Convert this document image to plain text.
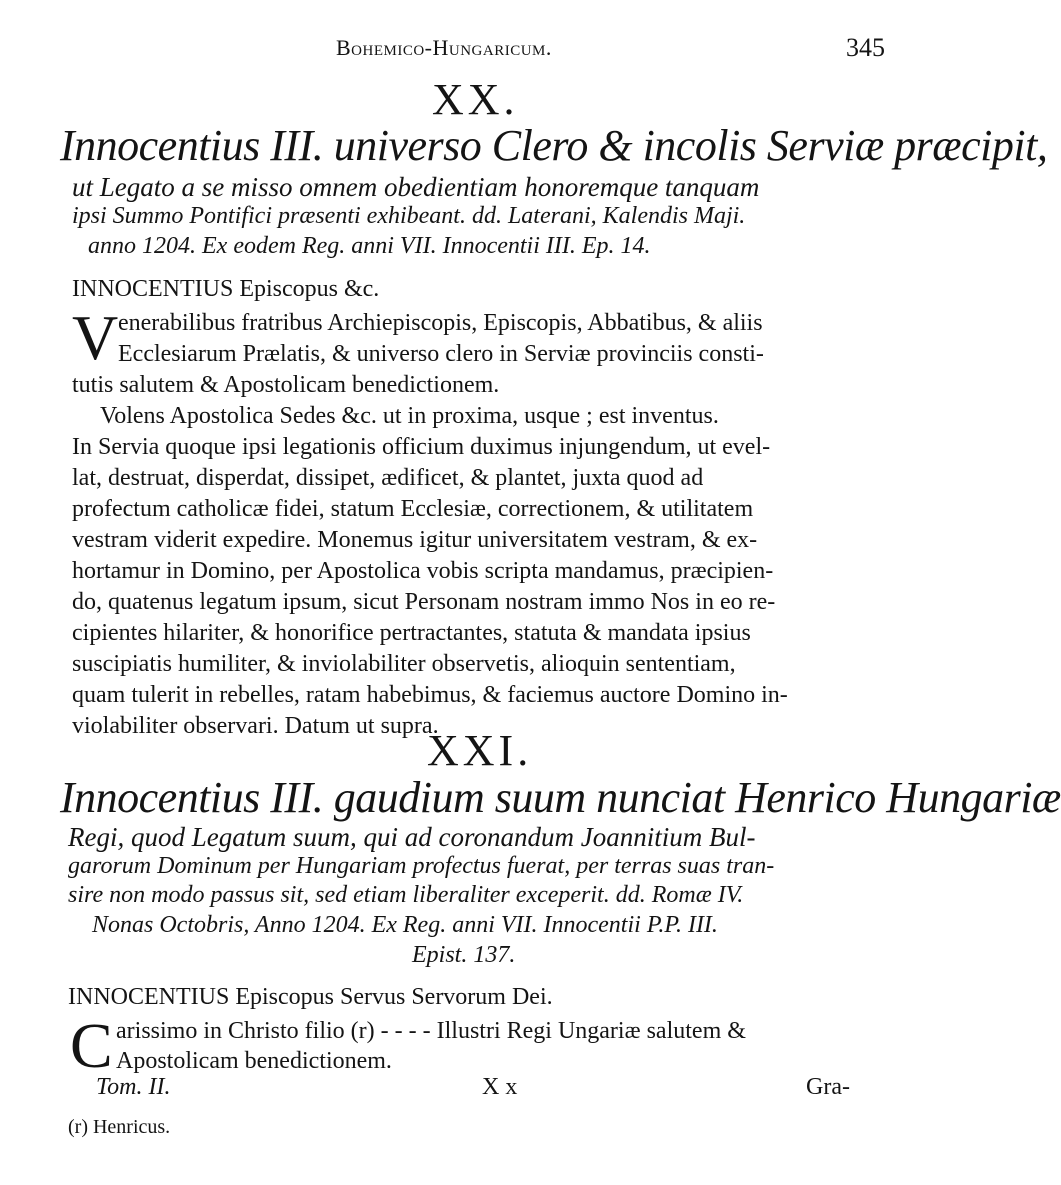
Bohemico-Hungaricum.	345
XX.
Innocentius III. universo Clero & incolis Serviæ præcipit,
ut Legato a se misso omnem obedientiam honoremque tanquam
ipsi Summo Pontifici præsenti exhibeant. dd. Laterani, Kalendis Maji.
anno 1204. Ex eodem Reg. anni VII. Innocentii III. Ep. 14.
INNOCENTIUS Episcopus &c.
V enerabilibus fratribus Archiepiscopis, Episcopis, Abbatibus, & aliis
Ecclesiarum Prælatis, & universo clero in Serviæ provinciis consti-
tutis salutem & Apostolicam benedictionem.
Volens Apostolica Sedes &c. ut in proxima, usque ; est inventus.
In Servia quoque ipsi legationis officium duximus injungendum, ut evel-
lat, destruat, disperdat, dissipet, ædificet, & plantet, juxta quod ad
profectum catholicæ fidei, statum Ecclesiæ, correctionem, & utilitatem
vestram viderit expedire. Monemus igitur universitatem vestram, & ex-
hortamur in Domino, per Apostolica vobis scripta mandamus, præcipien-
do, quatenus legatum ipsum, sicut Personam nostram immo Nos in eo re-
cipientes hilariter, & honorifice pertractantes, statuta & mandata ipsius
suscipiatis humiliter, & inviolabiliter observetis, alioquin sententiam,
quam tulerit in rebelles, ratam habebimus, & faciemus auctore Domino in-
violabiliter observari. Datum ut supra.
XXI.
Innocentius III. gaudium suum nunciat Henrico Hungariæ
Regi, quod Legatum suum, qui ad coronandum Joannitium Bul-
garorum Dominum per Hungariam profectus fuerat, per terras suas tran-
sire non modo passus sit, sed etiam liberaliter exceperit. dd. Romæ IV.
Nonas Octobris, Anno 1204. Ex Reg. anni VII. Innocentii P.P. III.
Epist. 137.
INNOCENTIUS Episcopus Servus Servorum Dei.
C arissimo in Christo filio (r) - - - - Illustri Regi Ungariæ salutem &
Apostolicam benedictionem.
Tom. II.	X x	Gra-
(r) Henricus.
